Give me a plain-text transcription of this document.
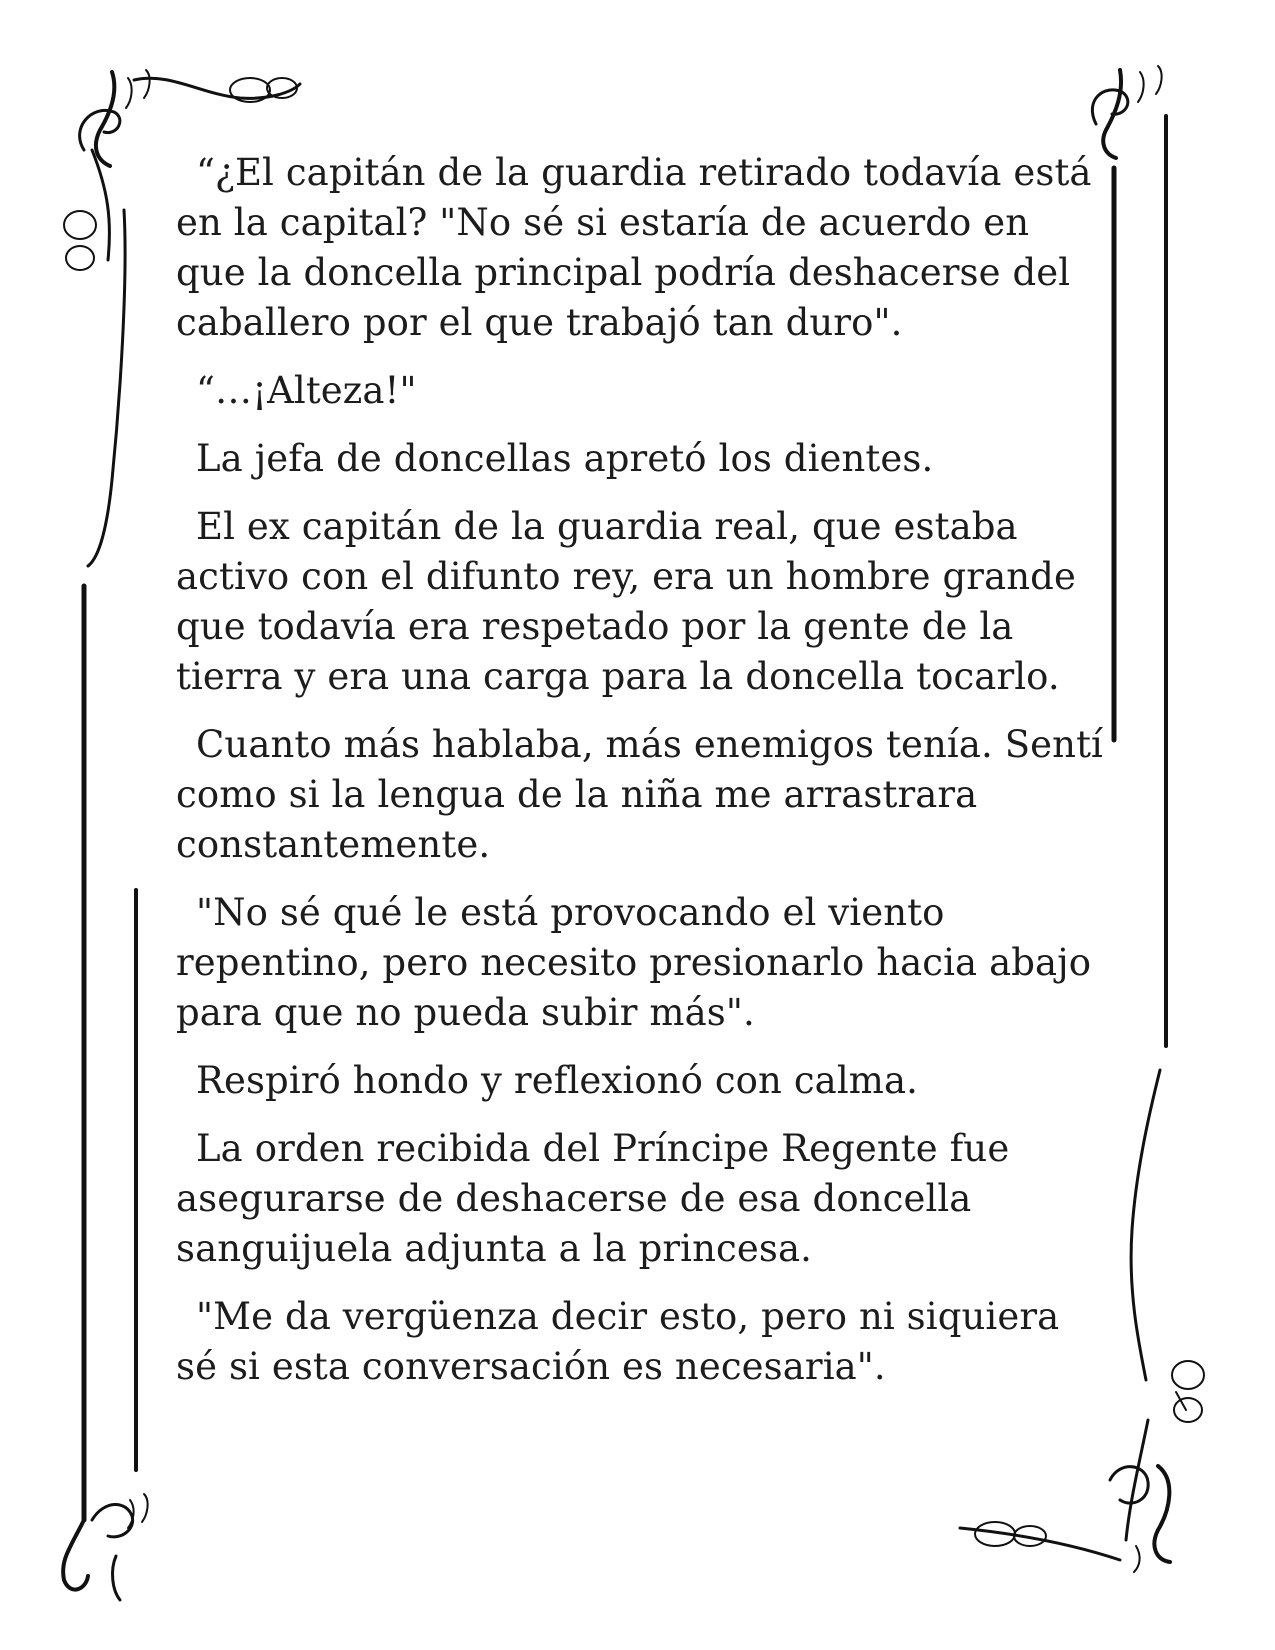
“¿El capitán de la guardia retirado todavía está en la capital? "No sé si estaría de acuerdo en que la doncella principal podría deshacerse del caballero por el que trabajó tan duro".

“…¡Alteza!"

La jefa de doncellas apretó los dientes.

El ex capitán de la guardia real, que estaba activo con el difunto rey, era un hombre grande que todavía era respetado por la gente de la tierra y era una carga para la doncella tocarlo.

Cuanto más hablaba, más enemigos tenía. Sentí como si la lengua de la niña me arrastrara constantemente.

"No sé qué le está provocando el viento repentino, pero necesito presionarlo hacia abajo para que no pueda subir más".

Respiró hondo y reflexionó con calma.

La orden recibida del Príncipe Regente fue asegurarse de deshacerse de esa doncella sanguijuela adjunta a la princesa.

"Me da vergüenza decir esto, pero ni siquiera sé si esta conversación es necesaria".
